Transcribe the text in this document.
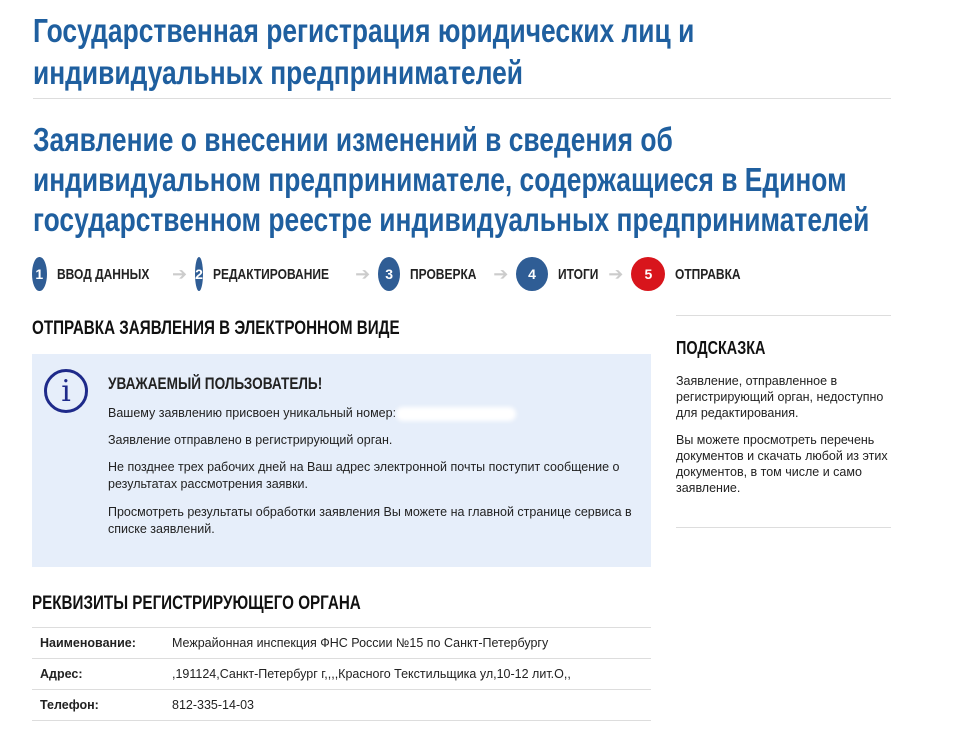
Государственная регистрация юридических лиц и
индивидуальных предпринимателей
Заявление о внесении изменений в сведения об
индивидуальном предпринимателе, содержащиеся в Едином
государственном реестре индивидуальных предпринимателей
1 ВВОД ДАННЫХ ➔ 2 РЕДАКТИРОВАНИЕ ➔	3	ПРОВЕРКА ➔	4	ИТОГИ ➔	5	ОТПРАВКА
ОТПРАВКА ЗАЯВЛЕНИЯ В ЭЛЕКТРОННОМ ВИДЕ
i	УВАЖАЕМЫЙ ПОЛЬЗОВАТЕЛЬ!

Вашему заявлению присвоен уникальный номер:

Заявление отправлено в регистрирующий орган.

Не позднее трех рабочих дней на Ваш адрес электронной почты поступит сообщение о результатах рассмотрения заявки.

Просмотреть результаты обработки заявления Вы можете на главной странице сервиса в списке заявлений.

РЕКВИЗИТЫ РЕГИСТРИРУЮЩЕГО ОРГАНА
Наименование:	Межрайонная инспекция ФНС России №15 по Санкт-Петербургу
Адрес:	,191124,Санкт-Петербург г,,,,Красного Текстильщика ул,10-12 лит.О,,
Телефон:	812-335-14-03
ПОДСКАЗКА

Заявление, отправленное в регистрирующий орган, недоступно для редактирования.

Вы можете просмотреть перечень документов и скачать любой из этих документов, в том числе и само заявление.
